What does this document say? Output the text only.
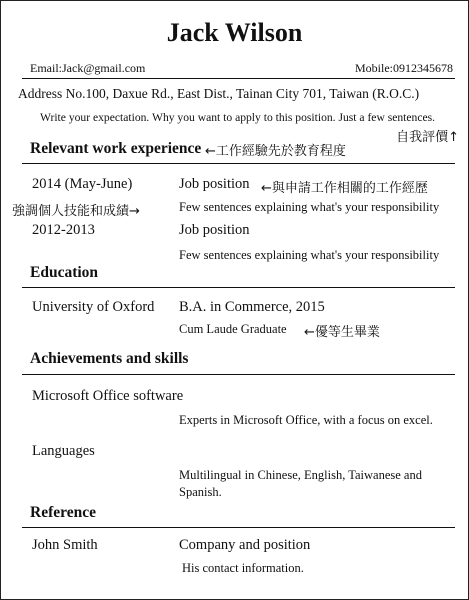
Jack Wilson
Email:Jack@gmail.com	Mobile:0912345678
Address No.100, Daxue Rd., East Dist., Tainan City 701, Taiwan (R.O.C.)
Write your expectation. Why you want to apply to this position. Just a few sentences.
自我評價↑
Relevant work experience ←工作經驗先於教育程度
2014 (May-June)	Job position ←與申請工作相關的工作經歷
強調個人技能和成績→	Few sentences explaining what's your responsibility
2012-2013	Job position
Few sentences explaining what's your responsibility
Education
University of Oxford B.A. in Commerce, 2015
Cum Laude Graduate ←優等生畢業
Achievements and skills
Microsoft Office software
Experts in Microsoft Office, with a focus on excel.
Languages
Multilingual in Chinese, English, Taiwanese and Spanish.
Reference
John Smith	Company and position
His contact information.
